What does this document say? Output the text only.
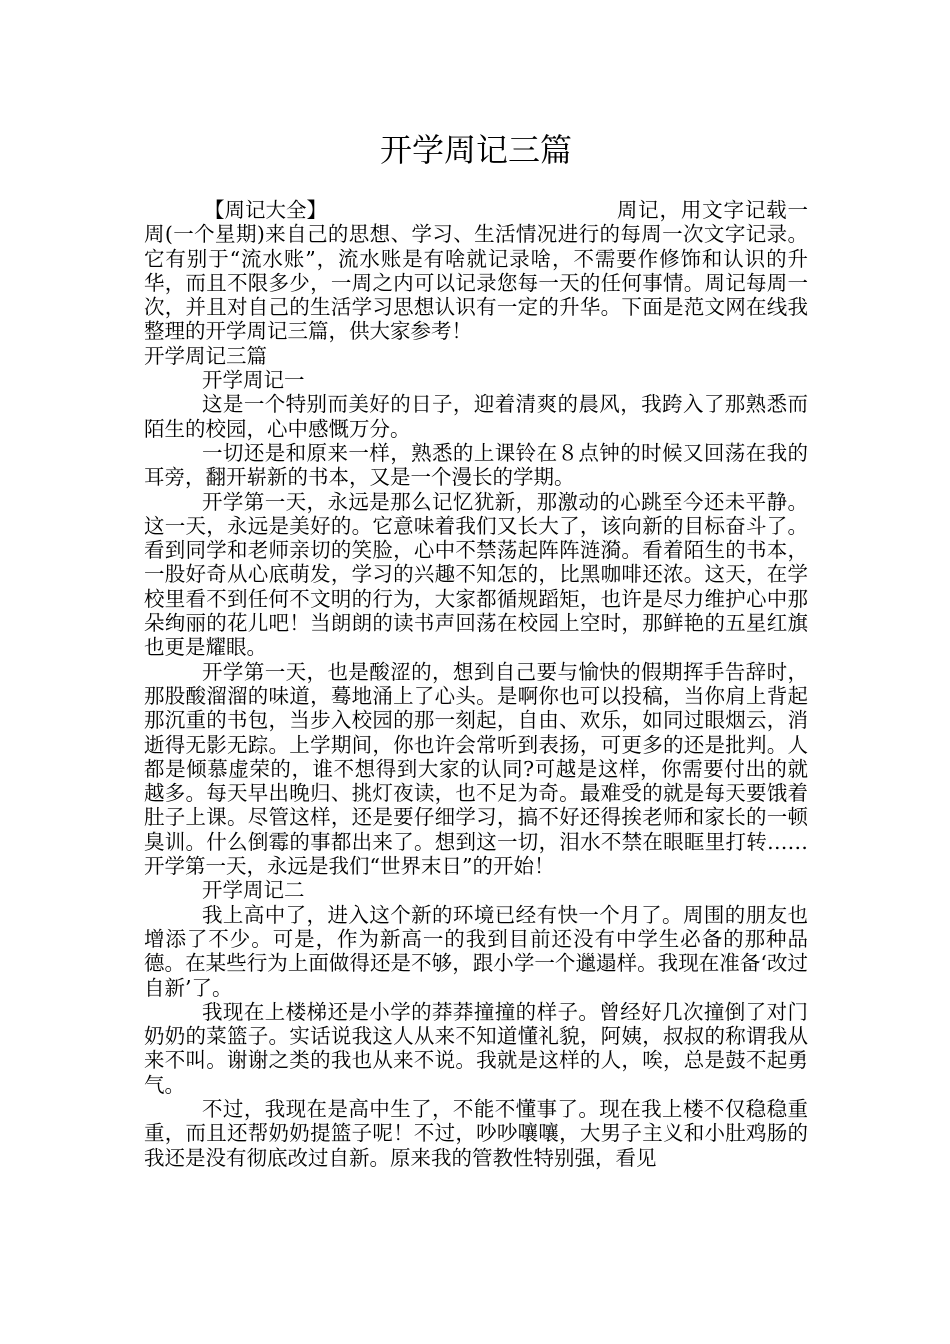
开学周记三篇

【周记大全】	周记，用文字记载一周(一个星期)来自己的思想、学习、生活情况进行的每周一次文字记录。它有别于“流水账”，流水账是有啥就记录啥，不需要作修饰和认识的升华，而且不限多少，一周之内可以记录您每一天的任何事情。周记每周一次，并且对自己的生活学习思想认识有一定的升华。下面是范文网在线我整理的开学周记三篇，供大家参考！

开学周记三篇

开学周记一

这是一个特别而美好的日子，迎着清爽的晨风，我跨入了那熟悉而陌生的校园，心中感慨万分。

一切还是和原来一样，熟悉的上课铃在８点钟的时候又回荡在我的耳旁，翻开崭新的书本，又是一个漫长的学期。

开学第一天，永远是那么记忆犹新，那激动的心跳至今还未平静。这一天，永远是美好的。它意味着我们又长大了，该向新的目标奋斗了。看到同学和老师亲切的笑脸，心中不禁荡起阵阵涟漪。看着陌生的书本，一股好奇从心底萌发，学习的兴趣不知怎的，比黑咖啡还浓。这天，在学校里看不到任何不文明的行为，大家都循规蹈矩，也许是尽力维护心中那朵绚丽的花儿吧！当朗朗的读书声回荡在校园上空时，那鲜艳的五星红旗也更是耀眼。

开学第一天，也是酸涩的，想到自己要与愉快的假期挥手告辞时，那股酸溜溜的味道，蓦地涌上了心头。是啊你也可以投稿，当你肩上背起那沉重的书包，当步入校园的那一刻起，自由、欢乐，如同过眼烟云，消逝得无影无踪。上学期间，你也许会常听到表扬，可更多的还是批判。人都是倾慕虚荣的，谁不想得到大家的认同?可越是这样，你需要付出的就越多。每天早出晚归、挑灯夜读，也不足为奇。最难受的就是每天要饿着肚子上课。尽管这样，还是要仔细学习，搞不好还得挨老师和家长的一顿臭训。什么倒霉的事都出来了。想到这一切，泪水不禁在眼眶里打转……开学第一天，永远是我们“世界末日”的开始！

开学周记二

我上高中了，进入这个新的环境已经有快一个月了。周围的朋友也增添了不少。可是，作为新高一的我到目前还没有中学生必备的那种品德。在某些行为上面做得还是不够，跟小学一个邋遢样。我现在准备‘改过自新’了。

我现在上楼梯还是小学的莽莽撞撞的样子。曾经好几次撞倒了对门奶奶的菜篮子。实话说我这人从来不知道懂礼貌，阿姨，叔叔的称谓我从来不叫。谢谢之类的我也从来不说。我就是这样的人，唉，总是鼓不起勇气。

不过，我现在是高中生了，不能不懂事了。现在我上楼不仅稳稳重重，而且还帮奶奶提篮子呢！不过，吵吵嚷嚷，大男子主义和小肚鸡肠的我还是没有彻底改过自新。原来我的管教性特别强，看见
